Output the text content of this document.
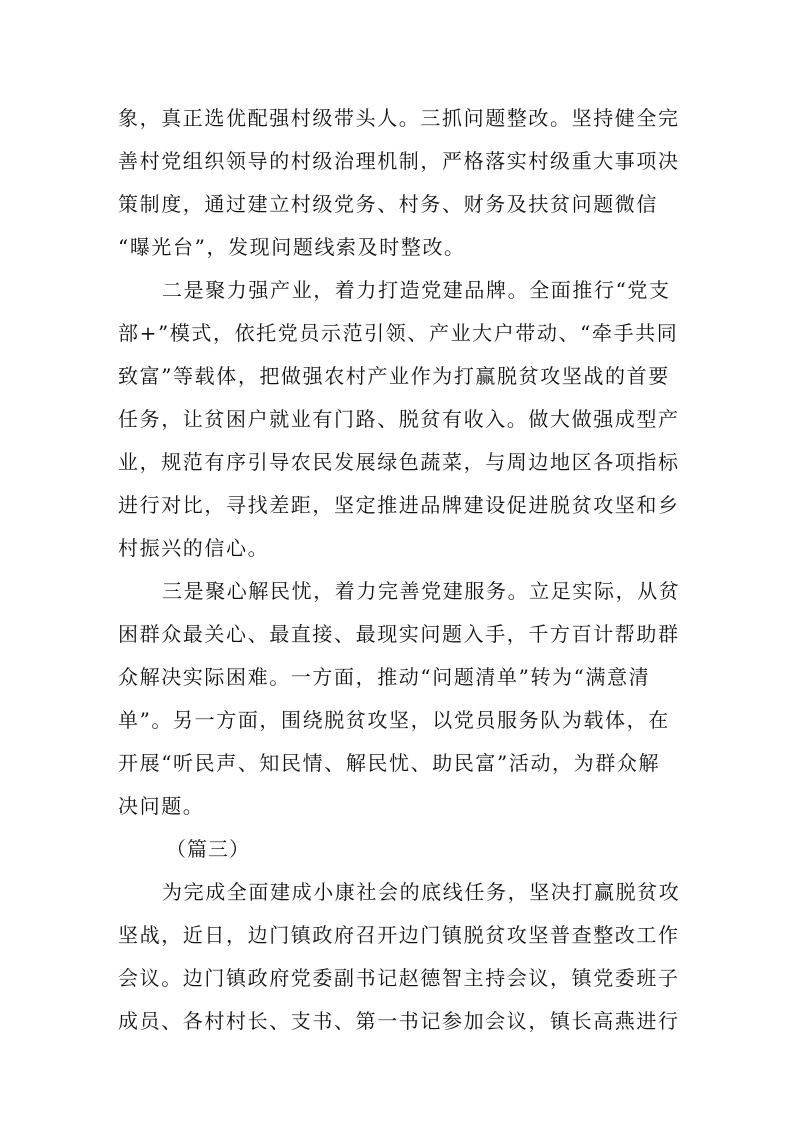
象，真正选优配强村级带头人。三抓问题整改。坚持健全完
善村党组织领导的村级治理机制，严格落实村级重大事项决
策制度，通过建立村级党务、村务、财务及扶贫问题微信
“曝光台”，发现问题线索及时整改。
二是聚力强产业，着力打造党建品牌。全面推行“党支
部+”模式，依托党员示范引领、产业大户带动、“牵手共同
致富”等载体，把做强农村产业作为打赢脱贫攻坚战的首要
任务，让贫困户就业有门路、脱贫有收入。做大做强成型产
业，规范有序引导农民发展绿色蔬菜，与周边地区各项指标
进行对比，寻找差距，坚定推进品牌建设促进脱贫攻坚和乡
村振兴的信心。
三是聚心解民忧，着力完善党建服务。立足实际，从贫
困群众最关心、最直接、最现实问题入手，千方百计帮助群
众解决实际困难。一方面，推动“问题清单”转为“满意清
单”。另一方面，围绕脱贫攻坚，以党员服务队为载体，在
开展“听民声、知民情、解民忧、助民富”活动，为群众解
决问题。
（篇三）
为完成全面建成小康社会的底线任务，坚决打赢脱贫攻
坚战，近日，边门镇政府召开边门镇脱贫攻坚普查整改工作
会议。边门镇政府党委副书记赵德智主持会议，镇党委班子
成员、各村村长、支书、第一书记参加会议，镇长高燕进行
